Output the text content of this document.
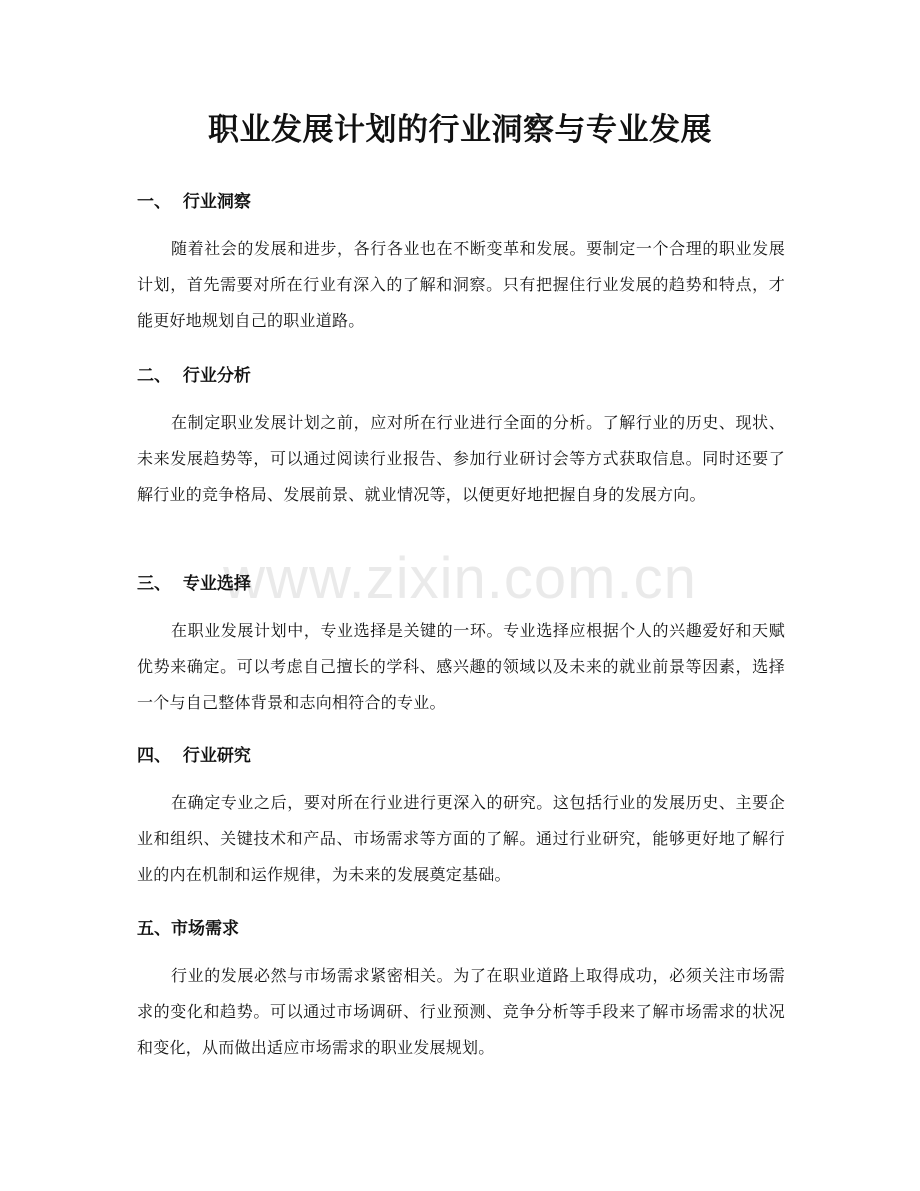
www.zixin.com.cn
职业发展计划的行业洞察与专业发展
一、  行业洞察

随着社会的发展和进步，各行各业也在不断变革和发展。要制定一个合理的职业发展计划，首先需要对所在行业有深入的了解和洞察。只有把握住行业发展的趋势和特点，才能更好地规划自己的职业道路。

二、  行业分析

在制定职业发展计划之前，应对所在行业进行全面的分析。了解行业的历史、现状、未来发展趋势等，可以通过阅读行业报告、参加行业研讨会等方式获取信息。同时还要了解行业的竞争格局、发展前景、就业情况等，以便更好地把握自身的发展方向。

三、  专业选择

在职业发展计划中，专业选择是关键的一环。专业选择应根据个人的兴趣爱好和天赋优势来确定。可以考虑自己擅长的学科、感兴趣的领域以及未来的就业前景等因素，选择一个与自己整体背景和志向相符合的专业。

四、  行业研究

在确定专业之后，要对所在行业进行更深入的研究。这包括行业的发展历史、主要企业和组织、关键技术和产品、市场需求等方面的了解。通过行业研究，能够更好地了解行业的内在机制和运作规律，为未来的发展奠定基础。

五、市场需求

行业的发展必然与市场需求紧密相关。为了在职业道路上取得成功，必须关注市场需求的变化和趋势。可以通过市场调研、行业预测、竞争分析等手段来了解市场需求的状况和变化，从而做出适应市场需求的职业发展规划。
